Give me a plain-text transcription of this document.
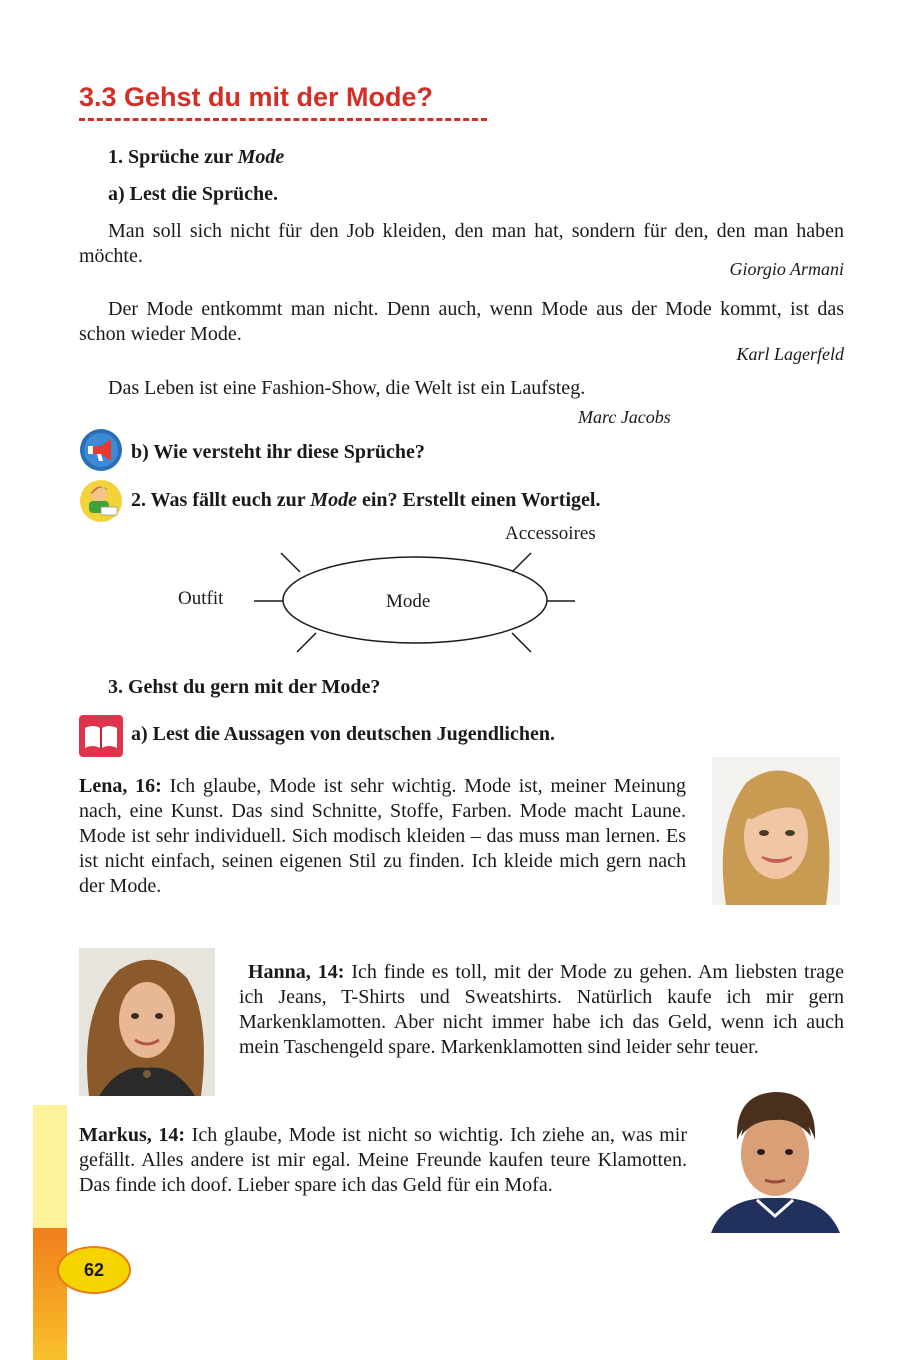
3.3 Gehst du mit der Mode?
1. Sprüche zur Mode
a) Lest die Sprüche.
Man soll sich nicht für den Job kleiden, den man hat, sondern für den, den man haben möchte.
Giorgio Armani
Der Mode entkommt man nicht. Denn auch, wenn Mode aus der Mode kommt, ist das schon wieder Mode.
Karl Lagerfeld
Das Leben ist eine Fashion-Show, die Welt ist ein Laufsteg.
Marc Jacobs
b) Wie versteht ihr diese Sprüche?
2. Was fällt euch zur Mode ein? Erstellt einen Wortigel.
Mode
Outfit
Accessoires
3. Gehst du gern mit der Mode?
a) Lest die Aussagen von deutschen Jugendlichen.
Lena, 16: Ich glaube, Mode ist sehr wichtig. Mode ist, meiner Meinung nach, eine Kunst. Das sind Schnitte, Stoffe, Farben. Mode macht Laune. Mode ist sehr individuell. Sich modisch kleiden – das muss man lernen. Es ist nicht einfach, seinen eigenen Stil zu finden. Ich kleide mich gern nach der Mode.
Hanna, 14: Ich finde es toll, mit der Mode zu gehen. Am liebsten trage ich Jeans, T-Shirts und Sweatshirts. Natürlich kaufe ich mir gern Markenklamotten. Aber nicht immer habe ich das Geld, wenn ich auch mein Taschengeld spare. Markenklamotten sind leider sehr teuer.
Markus, 14: Ich glaube, Mode ist nicht so wichtig. Ich ziehe an, was mir gefällt. Alles andere ist mir egal. Meine Freunde kaufen teure Klamotten. Das finde ich doof. Lieber spare ich das Geld für ein Mofa.
62
